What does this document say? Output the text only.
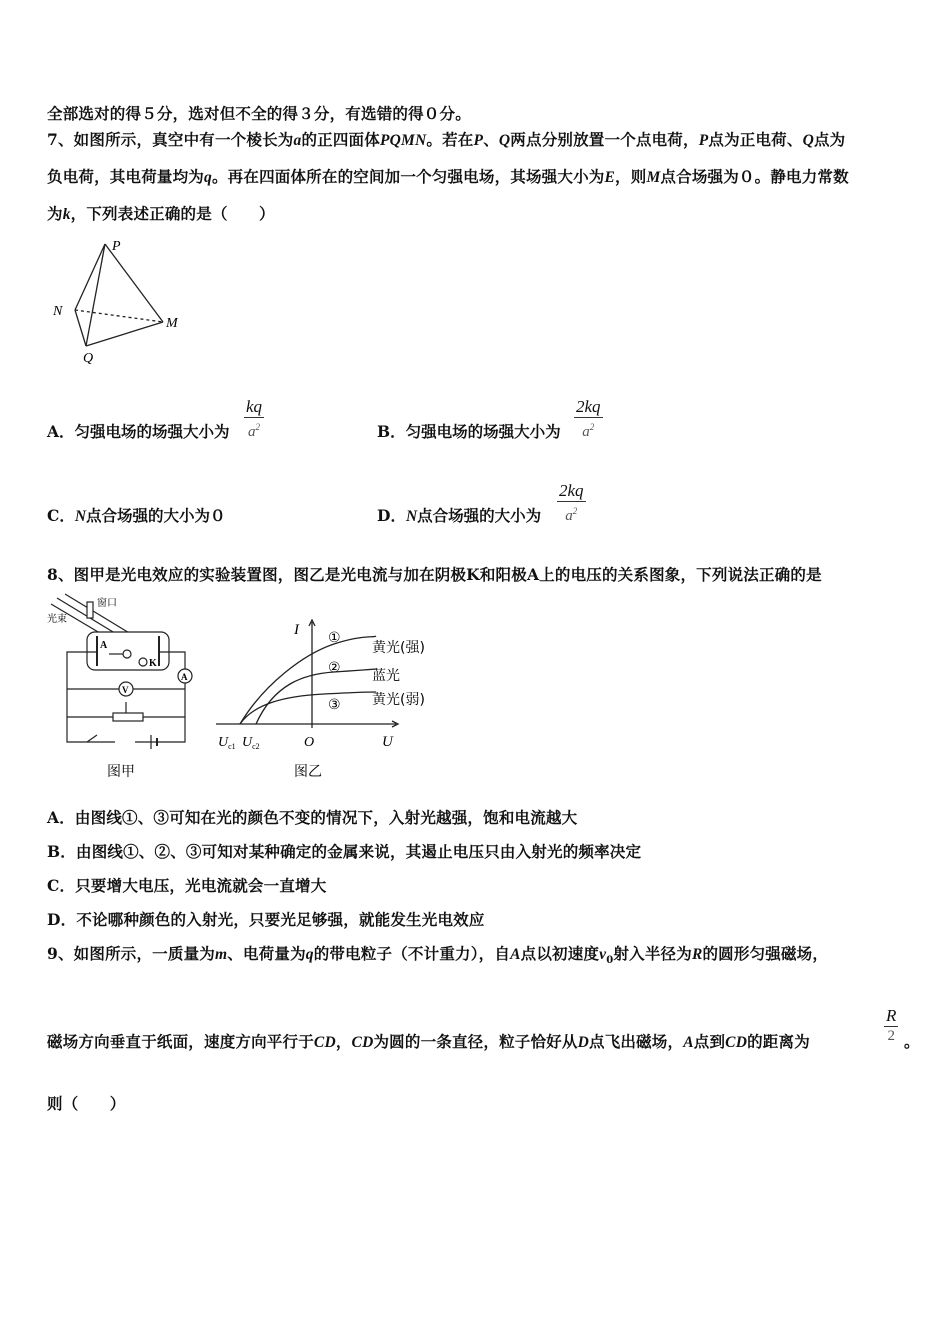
全部选对的得５分，选对但不全的得３分，有选错的得０分。
7、如图所示，真空中有一个棱长为a的正四面体PQMN。若在P、Q两点分别放置一个点电荷，P点为正电荷、Q点为
负电荷，其电荷量均为q。再在四面体所在的空间加一个匀强电场，其场强大小为E，则M点合场强为０。静电力常数
为k，下列表述正确的是（　　）
P
N
M
Q
A．匀强电场的场强大小为 $\frac{kq}{a^2}$	B．匀强电场的场强大小为 $\frac{2kq}{a^2}$
C．N点合场强的大小为０	D．N点合场强的大小为 $\frac{2kq}{a^2}$
8、图甲是光电效应的实验装置图，图乙是光电流与加在阴极K和阳极A上的电压的关系图象，下列说法正确的是
光束
窗口
A
K
A
V
图甲
I
U
O
$U_{c1}$ $U_{c2}$
①
②
③
黄光(强)
蓝光
黄光(弱)
图乙
A．由图线①、③可知在光的颜色不变的情况下，入射光越强，饱和电流越大
B．由图线①、②、③可知对某种确定的金属来说，其遏止电压只由入射光的频率决定
C．只要增大电压，光电流就会一直增大
D．不论哪种颜色的入射光，只要光足够强，就能发生光电效应
9、如图所示，一质量为m、电荷量为q的带电粒子（不计重力），自A点以初速度$v_0$射入半径为R的圆形匀强磁场，
磁场方向垂直于纸面，速度方向平行于CD，CD为圆的一条直径，粒子恰好从D点飞出磁场，A点到CD的距离为	$\frac{R}{2}$ 。
则（　　）
